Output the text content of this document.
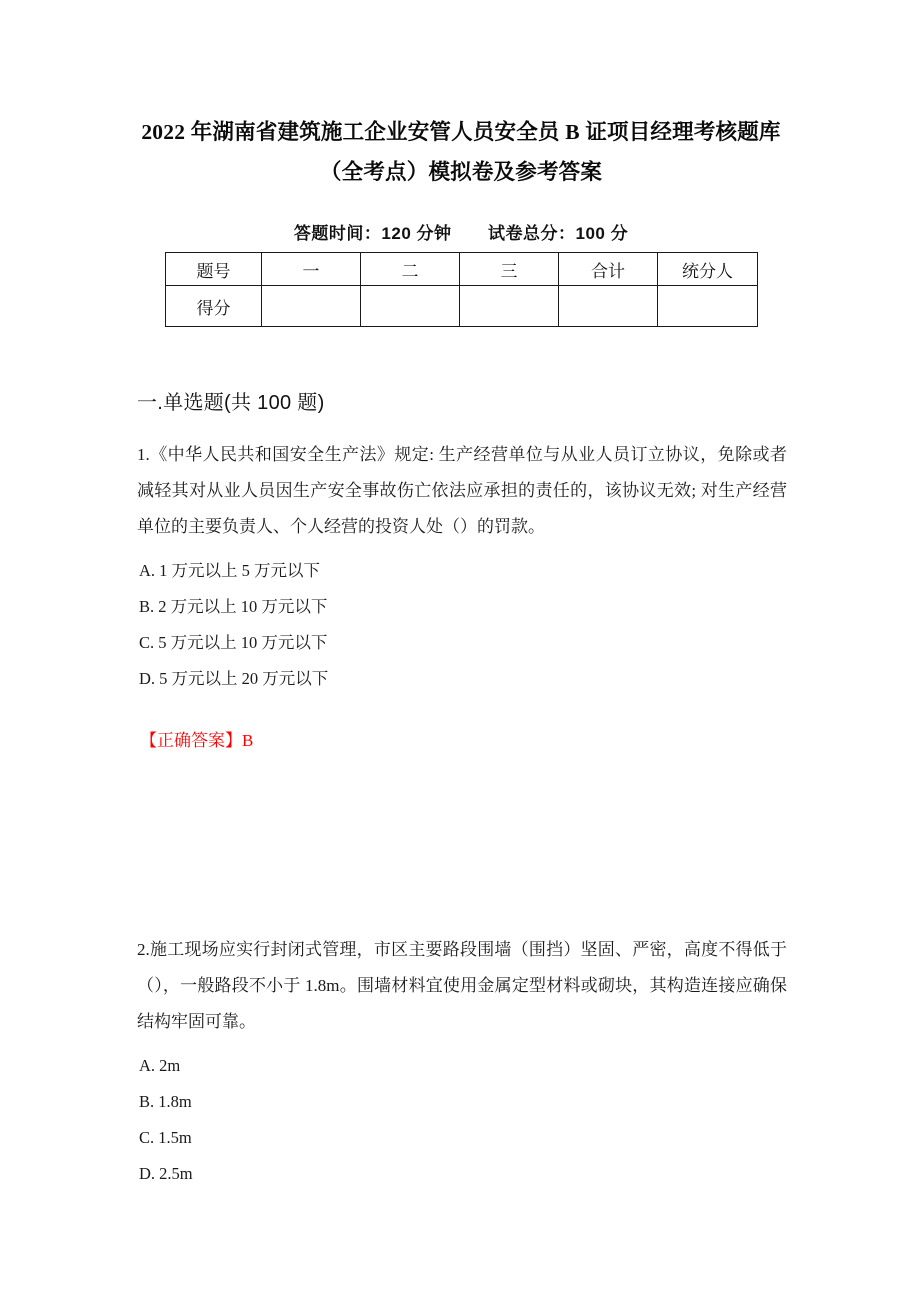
2022 年湖南省建筑施工企业安管人员安全员 B 证项目经理考核题库
（全考点）模拟卷及参考答案
答题时间：120 分钟 试卷总分：100 分
题号	一	二	三	合计	统分人
得分					
一.单选题(共 100 题)

1.《中华人民共和国安全生产法》规定: 生产经营单位与从业人员订立协议，免除或者减轻其对从业人员因生产安全事故伤亡依法应承担的责任的，该协议无效; 对生产经营单位的主要负责人、个人经营的投资人处（）的罚款。

A. 1 万元以上 5 万元以下
B. 2 万元以上 10 万元以下
C. 5 万元以上 10 万元以下
D. 5 万元以上 20 万元以下
【正确答案】B

2.施工现场应实行封闭式管理，市区主要路段围墙（围挡）坚固、严密，高度不得低于（），一般路段不小于 1.8m。围墙材料宜使用金属定型材料或砌块，其构造连接应确保结构牢固可靠。

A. 2m
B. 1.8m
C. 1.5m
D. 2.5m
